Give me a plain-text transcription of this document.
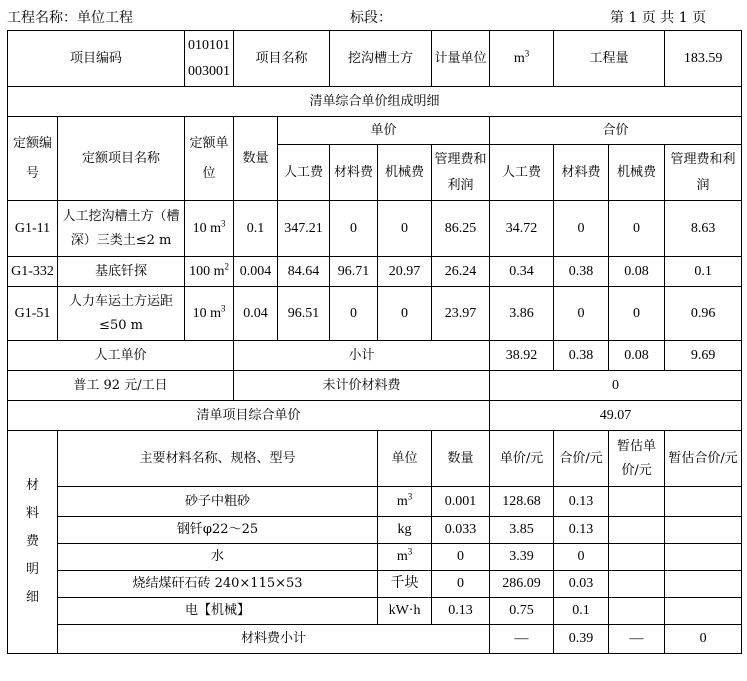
工程名称：单位工程	标段：	第 1 页 共 1 页
项目编码		010101003001	项目名称		挖沟槽土方		计量单位	$m^3$	工程量		183.59
清单综合单价组成明细											
定额编号	定额项目名称	定额单位	数量	单价				合价			
				人工费	材料费	机械费	管理费和利润	人工费	材料费	机械费	管理费和利润
G1-11	人工挖沟槽土方（槽深）三类土≤2 m	10 $m^3$	0.1	347.21	0	0	86.25	34.72	0	0	8.63
G1-332	基底钎探	100 $m^2$	0.004	84.64	96.71	20.97	26.24	0.34	0.38	0.08	0.1
G1-51	人力车运土方运距≤50 m	10 $m^3$	0.04	96.51	0	0	23.97	3.86	0	0	0.96
人工单价			小计					38.92	0.38	0.08	9.69
普工 92 元/工日			未计价材料费					0			
清单项目综合单价								49.07			

材
料
费
明
细	主要材料名称、规格、型号					单位	数量	单价/元	合价/元	暂估单价/元	暂估合价/元
	砂子中粗砂					$m^3$	0.001	128.68	0.13		
	钢钎φ22～25					kg	0.033	3.85	0.13		
	水					$m^3$	0	3.39	0		
	烧结煤矸石砖 240×115×53					千块	0	286.09	0.03		
	电【机械】					kW·h	0.13	0.75	0.1		
	材料费小计							—	0.39	—	0
